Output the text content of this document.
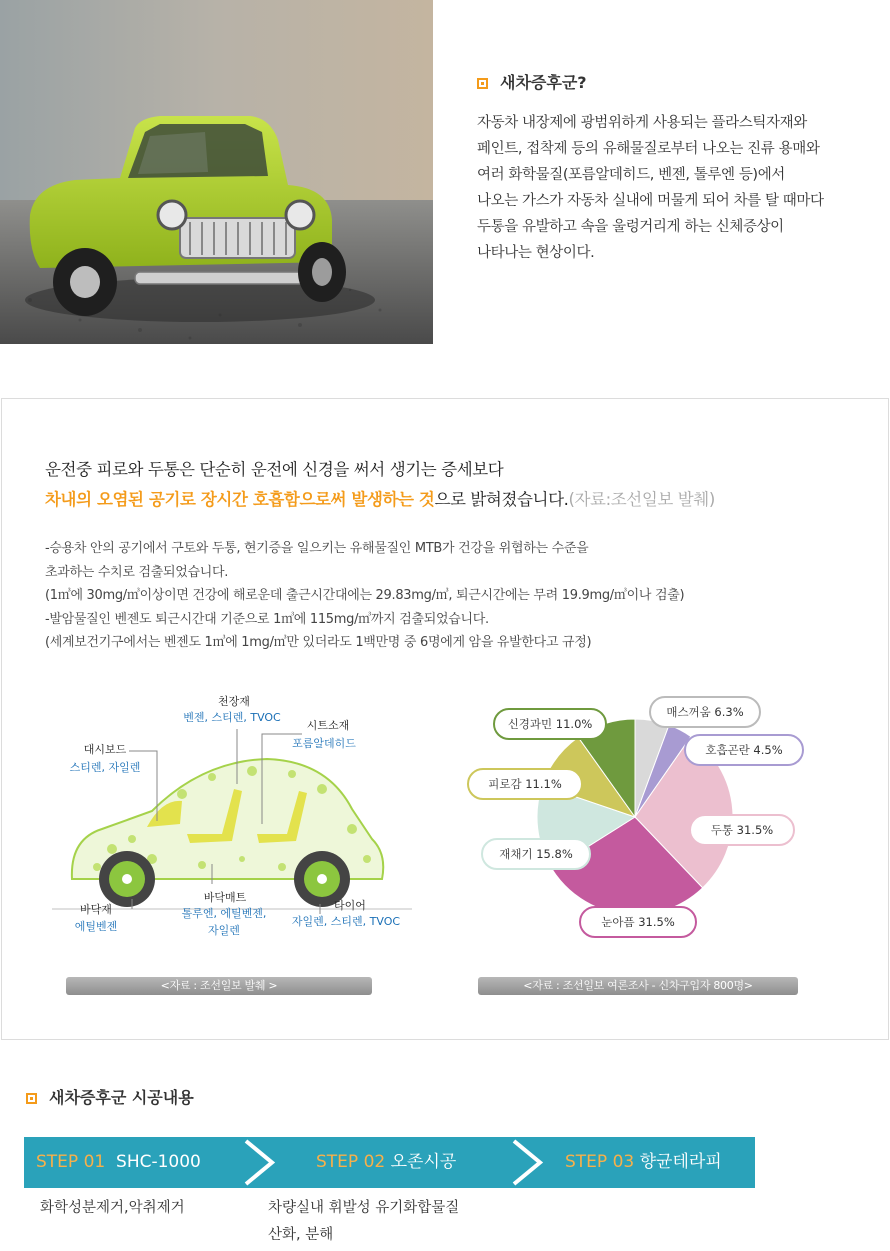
새차증후군?

자동차 내장제에 광범위하게 사용되는 플라스틱자재와

페인트, 접착제 등의 유해물질로부터 나오는 진류 용매와

여러 화학물질(포름알데히드, 벤젠, 톨루엔 등)에서

나오는 가스가 자동차 실내에 머물게 되어 차를 탈 때마다

두통을 유발하고 속을 울렁거리게 하는 신체증상이

나타나는 현상이다.

운전중 피로와 두통은 단순히 운전에 신경을 써서 생기는 증세보다
차내의 오염된 공기로 장시간 호흡함으로써 발생하는 것으로 밝혀졌습니다.(자료:조선일보 발췌)
-승용차 안의 공기에서 구토와 두통, 현기증을 일으키는 유해물질인 MTB가 건강을 위협하는 수준을
초과하는 수치로 검출되었습니다.
(1㎥에 30mg/㎥이상이면 건강에 해로운데 출근시간대에는 29.83mg/㎥, 퇴근시간에는 무려 19.9mg/㎥이나 검출)
-발암물질인 벤젠도 퇴근시간대 기준으로 1㎥에 115mg/㎥까지 검출되었습니다.
(세계보건기구에서는 벤젠도 1㎥에 1mg/㎥만 있더라도 1백만명 중 6명에게 암을 유발한다고 규정)
천장재
벤젠, 스티렌, TVOC
시트소재
포름알데히드
대시보드
스티렌, 자일렌
바닥재
에틸벤젠
바닥매트
톨루엔, 에틸벤젠,
자일렌
타이어
자일렌, 스티렌, TVOC
매스꺼움 6.3%
호흡곤란 4.5%
두통 31.5%
눈아픔 31.5%
재채기 15.8%
피로감 11.1%
신경과민 11.0%
<자료 : 조선일보 발췌 >	<자료 : 조선일보 여론조사 - 신차구입자 800명>
새차증후군 시공내용
STEP 01 SHC-1000	STEP 02 오존시공	STEP 03 향균테라피
화학성분제거,악취제거	차량실내 휘발성 유기화합물질
산화, 분해
